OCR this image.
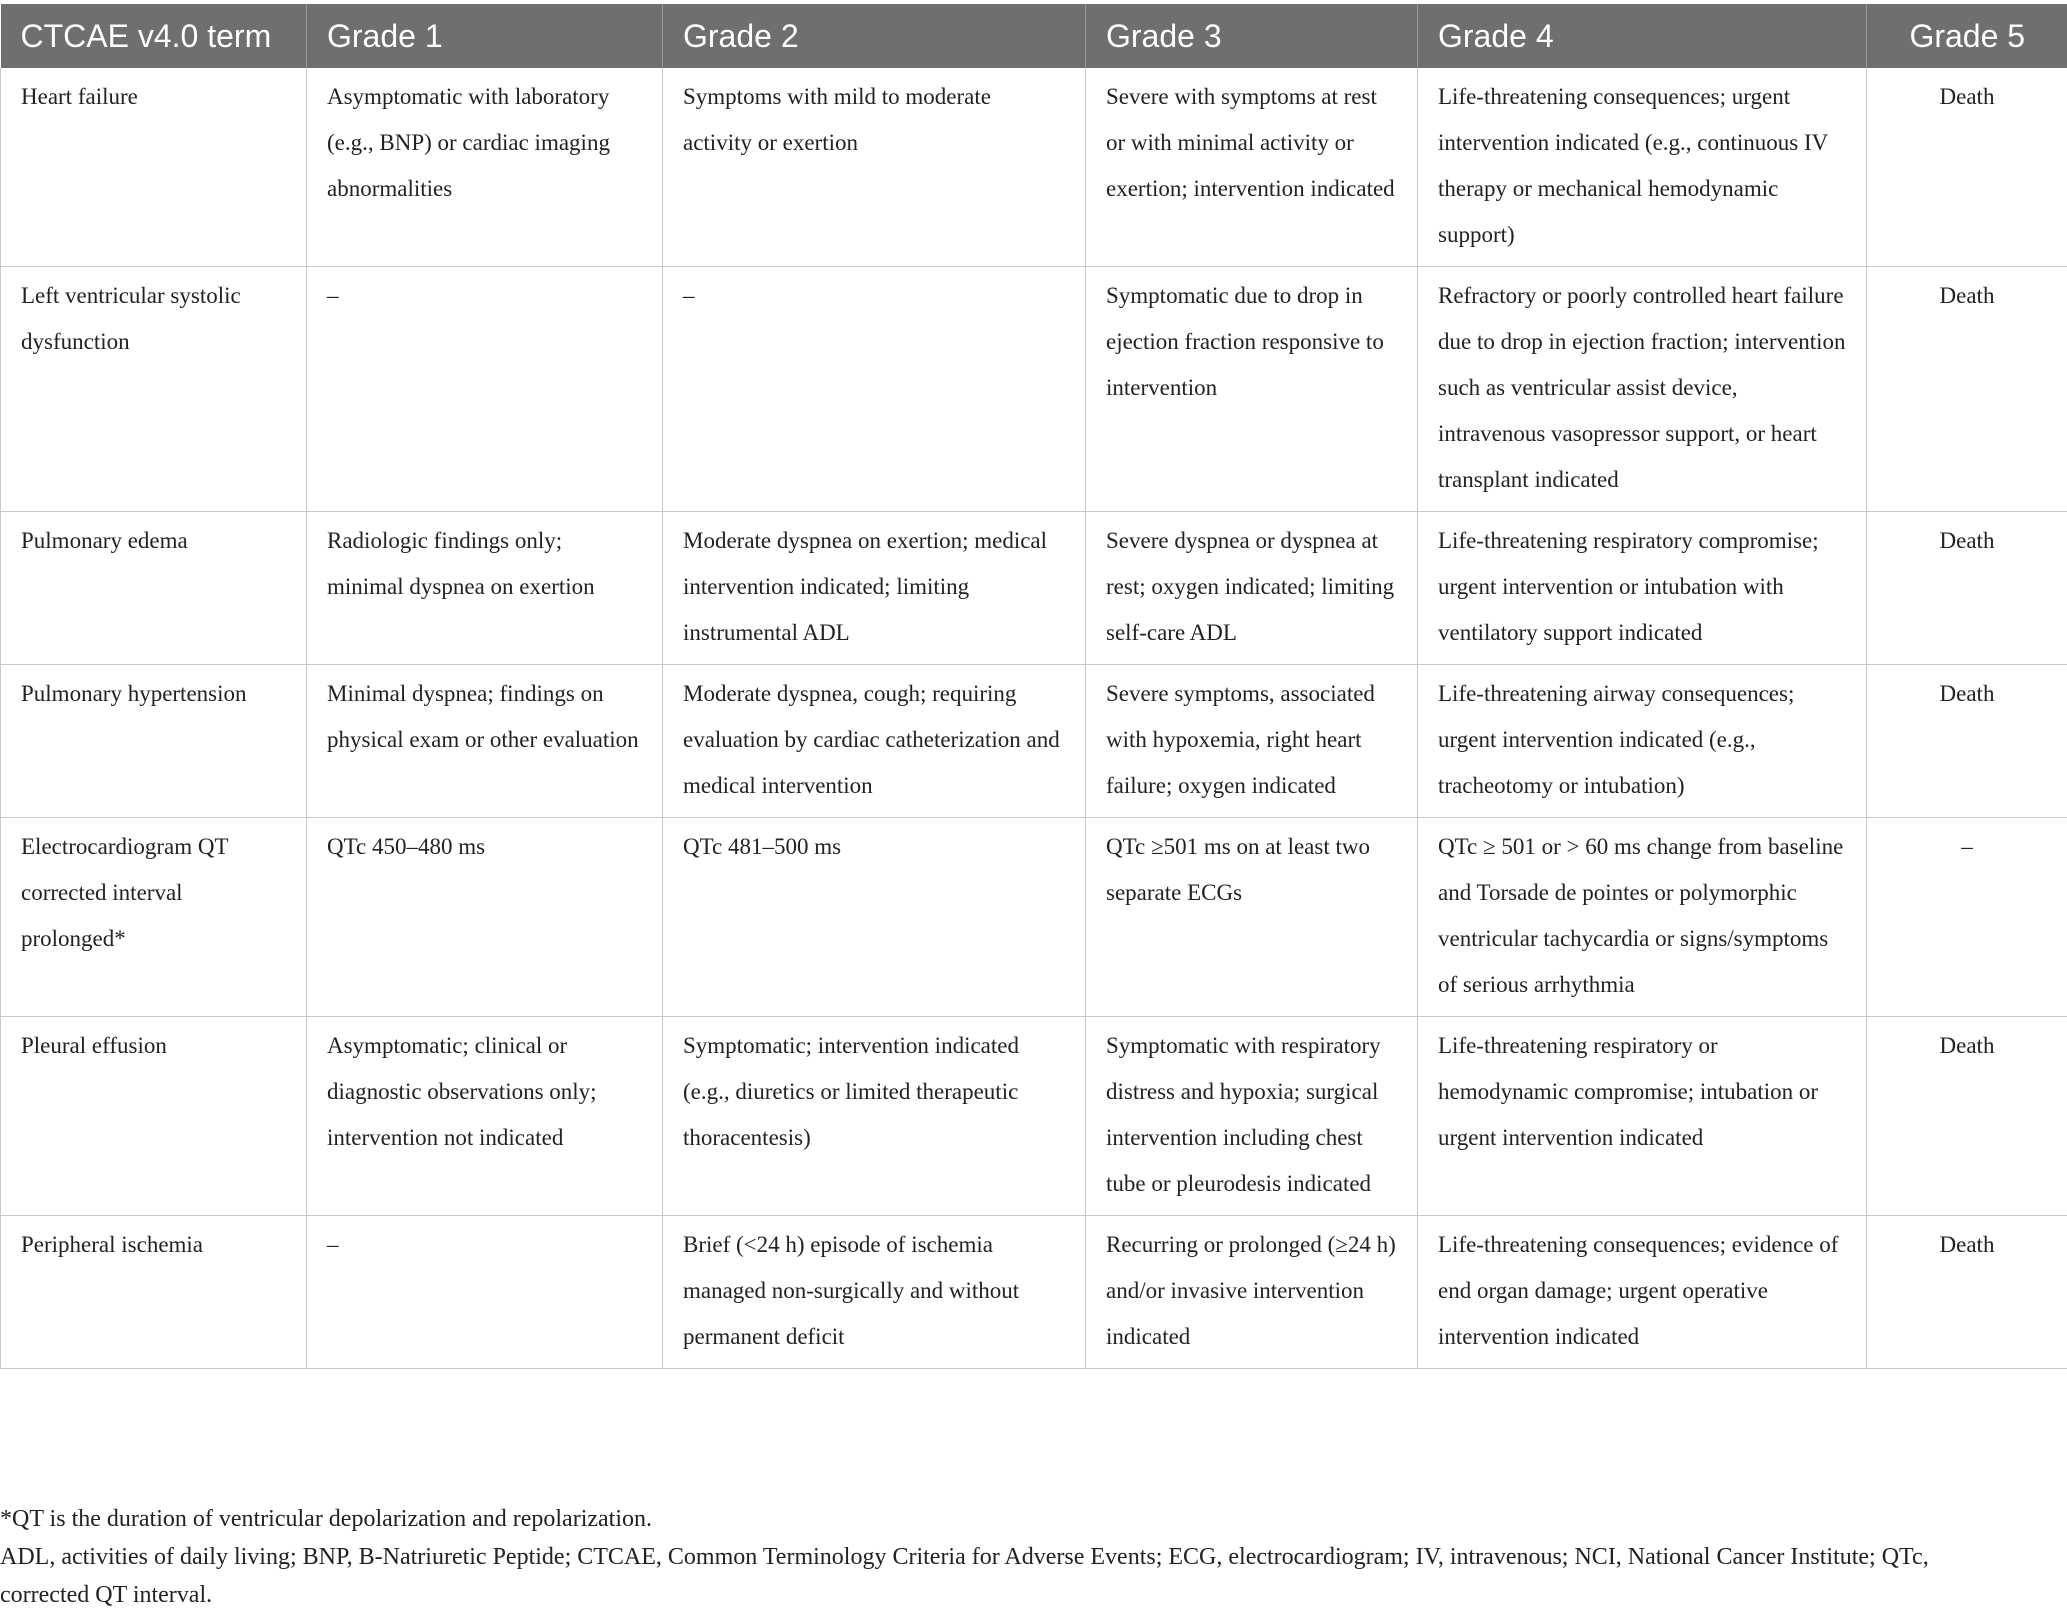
CTCAE v4.0 term	Grade 1	Grade 2	Grade 3	Grade 4	Grade 5
Heart failure	Asymptomatic with laboratory (e.g., BNP) or cardiac imaging abnormalities	Symptoms with mild to moderate activity or exertion	Severe with symptoms at rest or with minimal activity or exertion; intervention indicated	Life-threatening consequences; urgent intervention indicated (e.g., continuous IV therapy or mechanical hemodynamic support)	Death
Left ventricular systolic dysfunction	–	–	Symptomatic due to drop in ejection fraction responsive to intervention	Refractory or poorly controlled heart failure due to drop in ejection fraction; intervention such as ventricular assist device, intravenous vasopressor support, or heart transplant indicated	Death
Pulmonary edema	Radiologic findings only; minimal dyspnea on exertion	Moderate dyspnea on exertion; medical intervention indicated; limiting instrumental ADL	Severe dyspnea or dyspnea at rest; oxygen indicated; limiting self-care ADL	Life-threatening respiratory compromise; urgent intervention or intubation with ventilatory support indicated	Death
Pulmonary hypertension	Minimal dyspnea; findings on physical exam or other evaluation	Moderate dyspnea, cough; requiring evaluation by cardiac catheterization and medical intervention	Severe symptoms, associated with hypoxemia, right heart failure; oxygen indicated	Life-threatening airway consequences; urgent intervention indicated (e.g., tracheotomy or intubation)	Death
Electrocardiogram QT corrected interval prolonged*	QTc 450–480 ms	QTc 481–500 ms	QTc ≥501 ms on at least two separate ECGs	QTc ≥ 501 or > 60 ms change from baseline and Torsade de pointes or polymorphic ventricular tachycardia or signs/symptoms of serious arrhythmia	–
Pleural effusion	Asymptomatic; clinical or diagnostic observations only; intervention not indicated	Symptomatic; intervention indicated (e.g., diuretics or limited therapeutic thoracentesis)	Symptomatic with respiratory distress and hypoxia; surgical intervention including chest tube or pleurodesis indicated	Life-threatening respiratory or hemodynamic compromise; intubation or urgent intervention indicated	Death
Peripheral ischemia	–	Brief (<24 h) episode of ischemia managed non-surgically and without permanent deficit	Recurring or prolonged (≥24 h) and/or invasive intervention indicated	Life-threatening consequences; evidence of end organ damage; urgent operative intervention indicated	Death

*QT is the duration of ventricular depolarization and repolarization.

ADL, activities of daily living; BNP, B-Natriuretic Peptide; CTCAE, Common Terminology Criteria for Adverse Events; ECG, electrocardiogram; IV, intravenous; NCI, National Cancer Institute; QTc, corrected QT interval.
